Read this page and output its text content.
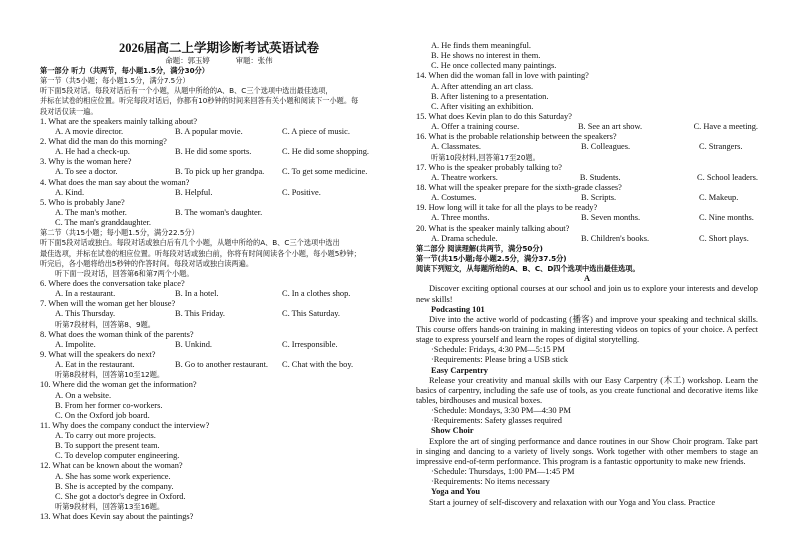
2026届高二上学期诊断考试英语试卷
命题：郭玉婷	审题：张伟
第一部分 听力（共两节，每小题1.5分，满分30分）
第一节（共5小题；每小题1.5分，满分7.5分）
听下面5段对话。每段对话后有一个小题，从题中所给的A、B、C三个选项中选出最佳选项，
并标在试卷的相应位置。听完每段对话后，你都有10秒钟的时间来回答有关小题和阅读下一小题。每
段对话仅读一遍。
1. What are the speakers mainly talking about?
A. A movie director.	B. A popular movie.	C. A piece of music.
2. What did the man do this morning?
A. He had a check-up.	B. He did some sports.	C. He did some shopping.
3. Why is the woman here?
A. To see a doctor.	B. To pick up her grandpa.	C. To get some medicine.
4. What does the man say about the woman?
A. Kind.	B. Helpful.	C. Positive.
5. Who is probably Jane?
A. The man's mother.	B. The woman's daughter.
C. The man's granddaughter.
第二节（共15小题；每小题1.5分，满分22.5分）
听下面5段对话或独白。每段对话或独白后有几个小题，从题中所给的A、B、C三个选项中选出
最佳选项，并标在试卷的相应位置。听每段对话或独白前，你将有时间阅读各个小题，每小题5秒钟；
听完后，各小题将给出5秒钟的作答时间。每段对话或独白读两遍。
听下面一段对话，回答第6和第7两个小题。
6. Where does the conversation take place?
A. In a restaurant.	B. In a hotel.	C. In a clothes shop.
7. When will the woman get her blouse?
A. This Thursday.	B. This Friday.	C. This Saturday.
听第7段材料，回答第8、9题。
8. What does the woman think of the parents?
A. Impolite.	B. Unkind.	C. Irresponsible.
9. What will the speakers do next?
A. Eat in the restaurant.	B. Go to another restaurant.	C. Chat with the boy.
听第8段材料，回答第10至12题。
10. Where did the woman get the information?
A. On a website.
B. From her former co-workers.
C. On the Oxford job board.
11. Why does the company conduct the interview?
A. To carry out more projects.
B. To support the present team.
C. To develop computer engineering.
12. What can be known about the woman?
A. She has some work experience.
B. She is accepted by the company.
C. She got a doctor's degree in Oxford.
听第9段材料，回答第13至16题。
13. What does Kevin say about the paintings?
A. He finds them meaningful.
B. He shows no interest in them.
C. He once collected many paintings.
14. When did the woman fall in love with painting?
A. After attending an art class.
B. After listening to a presentation.
C. After visiting an exhibition.
15. What does Kevin plan to do this Saturday?
A. Offer a training course.	B. See an art show.	C. Have a meeting.
16. What is the probable relationship between the speakers?
A. Classmates.	B. Colleagues.	C. Strangers.
听第10段材料,回答第17至20题。
17. Who is the speaker probably talking to?
A. Theatre workers.	B. Students.	C. School leaders.
18. What will the speaker prepare for the sixth-grade classes?
A. Costumes.	B. Scripts.	C. Makeup.
19. How long will it take for all the plays to be ready?
A. Three months.	B. Seven months.	C. Nine months.
20. What is the speaker mainly talking about?
A. Drama schedule.	B. Children's books.	C. Short plays.
第二部分 阅读理解(共两节，满分50分)
第一节(共15小题;每小题2.5分，满分37.5分)
阅读下列短文，从每题所给的A、B、C、D四个选项中选出最佳选项。
A
Discover exciting optional courses at our school and join us to explore your interests and develop new skills!
Podcasting 101
Dive into the active world of podcasting (播客) and improve your speaking and technical skills. This course offers hands-on training in making interesting videos on topics of your choice. A perfect stage to express yourself and learn the ropes of digital storytelling.
·Schedule: Fridays, 4:30 PM—5:15 PM
·Requirements: Please bring a USB stick
Easy Carpentry
Release your creativity and manual skills with our Easy Carpentry (木工) workshop. Learn the basics of carpentry, including the safe use of tools, as you create functional and decorative items like tables, birdhouses and musical boxes.
·Schedule: Mondays, 3:30 PM—4:30 PM
·Requirements: Safety glasses required
Show Choir
Explore the art of singing performance and dance routines in our Show Choir program. Take part in singing and dancing to a variety of lively songs. Work together with other members to stage an impressive end-of-term performance. This program is a fantastic opportunity to make new friends.
·Schedule: Thursdays, 1:00 PM—1:45 PM
·Requirements: No items necessary
Yoga and You
Start a journey of self-discovery and relaxation with our Yoga and You class. Practice
